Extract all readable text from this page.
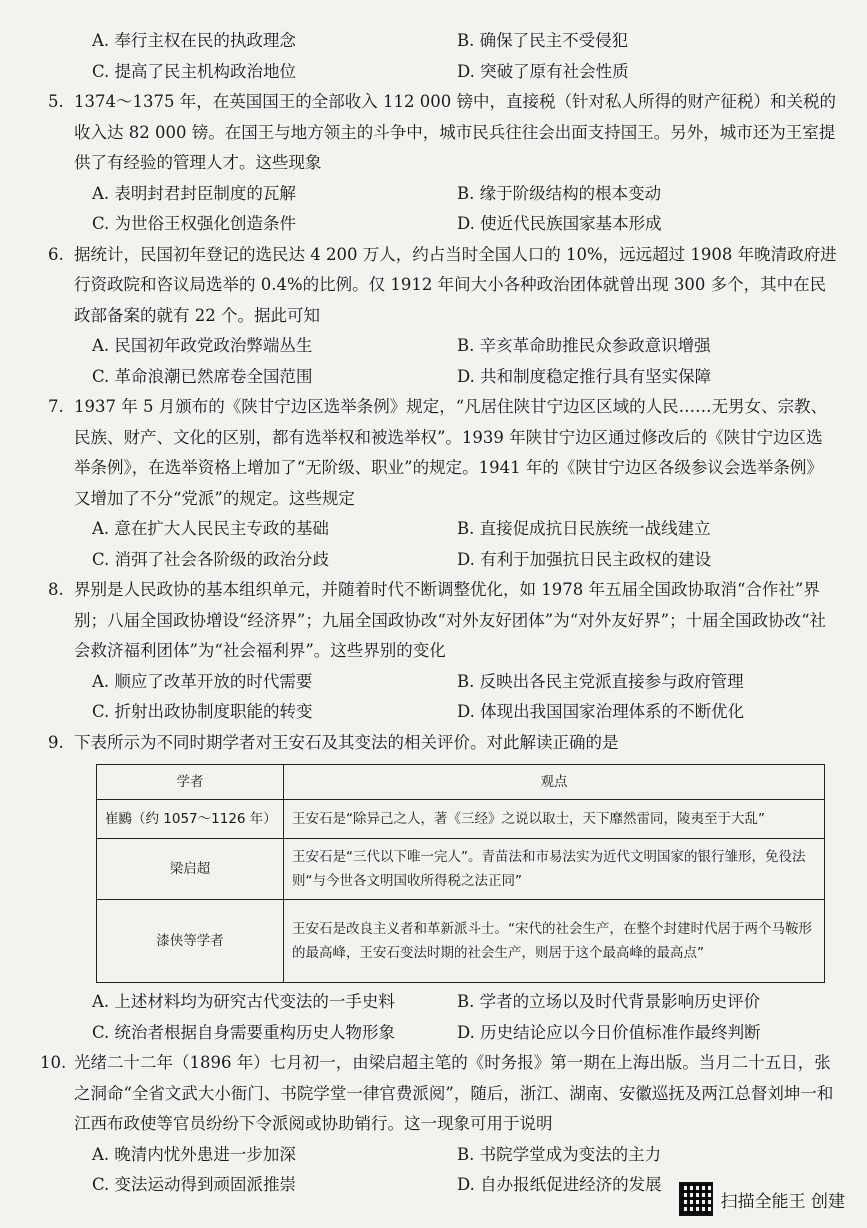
A. 奉行主权在民的执政理念	B. 确保了民主不受侵犯
C. 提高了民主机构政治地位	D. 突破了原有社会性质

5. 1374～1375 年，在英国国王的全部收入 112 000 镑中，直接税（针对私人所得的财产征税）和关税的收入达 82 000 镑。在国王与地方领主的斗争中，城市民兵往往会出面支持国王。另外，城市还为王室提供了有经验的管理人才。这些现象

A. 表明封君封臣制度的瓦解	B. 缘于阶级结构的根本变动
C. 为世俗王权强化创造条件	D. 使近代民族国家基本形成

6. 据统计，民国初年登记的选民达 4 200 万人，约占当时全国人口的 10%，远远超过 1908 年晚清政府进行资政院和咨议局选举的 0.4%的比例。仅 1912 年间大小各种政治团体就曾出现 300 多个，其中在民政部备案的就有 22 个。据此可知

A. 民国初年政党政治弊端丛生	B. 辛亥革命助推民众参政意识增强
C. 革命浪潮已然席卷全国范围	D. 共和制度稳定推行具有坚实保障

7. 1937 年 5 月颁布的《陕甘宁边区选举条例》规定，“凡居住陕甘宁边区区域的人民……无男女、宗教、民族、财产、文化的区别，都有选举权和被选举权”。1939 年陕甘宁边区通过修改后的《陕甘宁边区选举条例》，在选举资格上增加了“无阶级、职业”的规定。1941 年的《陕甘宁边区各级参议会选举条例》又增加了不分“党派”的规定。这些规定

A. 意在扩大人民民主专政的基础	B. 直接促成抗日民族统一战线建立
C. 消弭了社会各阶级的政治分歧	D. 有利于加强抗日民主政权的建设

8. 界别是人民政协的基本组织单元，并随着时代不断调整优化，如 1978 年五届全国政协取消“合作社”界别；八届全国政协增设“经济界”；九届全国政协改“对外友好团体”为“对外友好界”；十届全国政协改“社会救济福利团体”为“社会福利界”。这些界别的变化

A. 顺应了改革开放的时代需要	B. 反映出各民主党派直接参与政府管理
C. 折射出政协制度职能的转变	D. 体现出我国国家治理体系的不断优化

9. 下表所示为不同时期学者对王安石及其变法的相关评价。对此解读正确的是

学者	观点
崔鶠（约 1057～1126 年）	王安石是“除异己之人，著《三经》之说以取士，天下靡然雷同，陵夷至于大乱”
梁启超	王安石是“三代以下唯一完人”。青苗法和市易法实为近代文明国家的银行雏形，免役法则“与今世各文明国收所得税之法正同”
漆侠等学者	王安石是改良主义者和革新派斗士。“宋代的社会生产，在整个封建时代居于两个马鞍形的最高峰，王安石变法时期的社会生产，则居于这个最高峰的最高点”
A. 上述材料均为研究古代变法的一手史料	B. 学者的立场以及时代背景影响历史评价
C. 统治者根据自身需要重构历史人物形象	D. 历史结论应以今日价值标准作最终判断

10. 光绪二十二年（1896 年）七月初一，由梁启超主笔的《时务报》第一期在上海出版。当月二十五日，张之洞命“全省文武大小衙门、书院学堂一律官费派阅”，随后，浙江、湖南、安徽巡抚及两江总督刘坤一和江西布政使等官员纷纷下令派阅或协助销行。这一现象可用于说明

A. 晚清内忧外患进一步加深	B. 书院学堂成为变法的主力
C. 变法运动得到顽固派推崇	D. 自办报纸促进经济的发展
扫描全能王 创建
